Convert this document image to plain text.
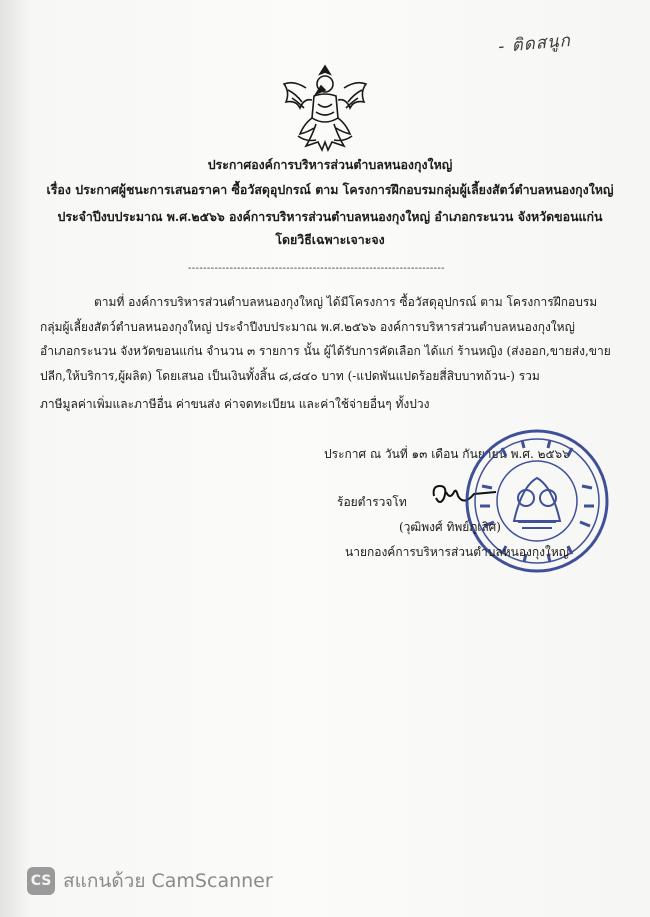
- ติดสนูก
ประกาศองค์การบริหารส่วนตำบลหนองกุงใหญ่
เรื่อง ประกาศผู้ชนะการเสนอราคา ซื้อวัสดุอุปกรณ์ ตาม โครงการฝึกอบรมกลุ่มผู้เลี้ยงสัตว์ตำบลหนองกุงใหญ่
ประจำปีงบประมาณ พ.ศ.๒๕๖๖ องค์การบริหารส่วนตำบลหนองกุงใหญ่ อำเภอกระนวน จังหวัดขอนแก่น
โดยวิธีเฉพาะเจาะจง
--------------------------------------------------------------------
ตามที่ องค์การบริหารส่วนตำบลหนองกุงใหญ่ ได้มีโครงการ ซื้อวัสดุอุปกรณ์ ตาม โครงการฝึกอบรม
กลุ่มผู้เลี้ยงสัตว์ตำบลหนองกุงใหญ่ ประจำปีงบประมาณ พ.ศ.๒๕๖๖ องค์การบริหารส่วนตำบลหนองกุงใหญ่
อำเภอกระนวน จังหวัดขอนแก่น จำนวน ๓ รายการ นั้น ผู้ได้รับการคัดเลือก ได้แก่ ร้านหญิง (ส่งออก,ขายส่ง,ขาย
ปลีก,ให้บริการ,ผู้ผลิต) โดยเสนอ เป็นเงินทั้งสิ้น ๘,๘๔๐ บาท (-แปดพันแปดร้อยสี่สิบบาทถ้วน-) รวม
ภาษีมูลค่าเพิ่มและภาษีอื่น ค่าขนส่ง ค่าจดทะเบียน และค่าใช้จ่ายอื่นๆ ทั้งปวง
ประกาศ ณ วันที่ ๑๓ เดือน กันยายน พ.ศ. ๒๕๖๖
ร้อยตำรวจโท
(วุฒิพงศ์ ทิพย์ภูเลิศ)
นายกองค์การบริหารส่วนตำบลหนองกุงใหญ่
CS สแกนด้วย CamScanner
